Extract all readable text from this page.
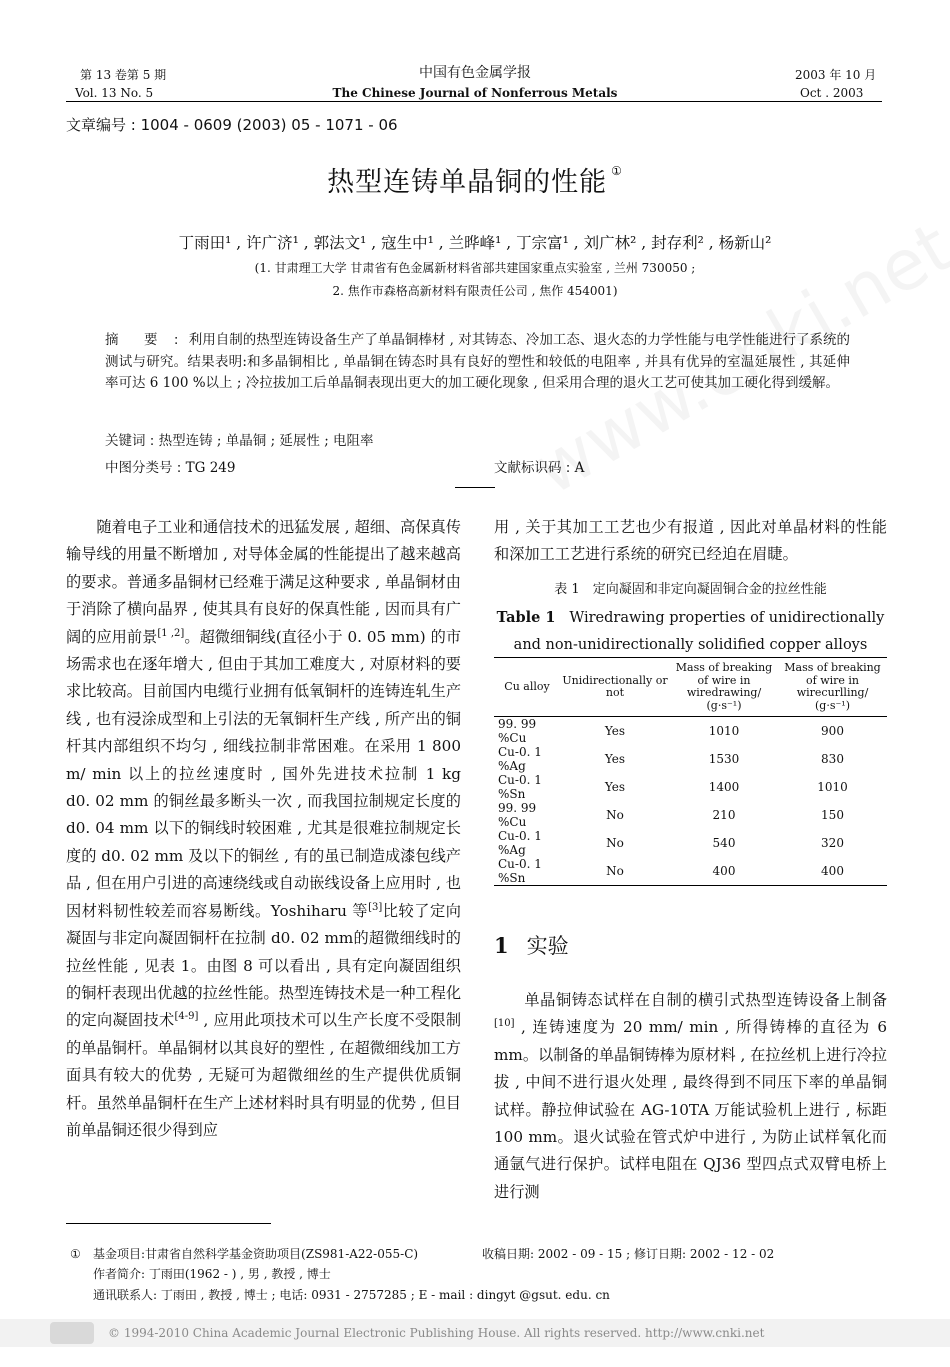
第 13 卷第 5 期
Vol. 13 No. 5
中国有色金属学报
The Chinese Journal of Nonferrous Metals
2003 年 10 月
Oct . 2003
文章编号 : 1004 - 0609 (2003) 05 - 1071 - 06
热型连铸单晶铜的性能 ①
丁雨田¹ , 许广济¹ , 郭法文¹ , 寇生中¹ , 兰晔峰¹ , 丁宗富¹ , 刘广林² , 封存利² , 杨新山²
(1. 甘肃理工大学 甘肃省有色金属新材料省部共建国家重点实验室 , 兰州 730050 ;
2. 焦作市森格高新材料有限责任公司 , 焦作 454001)
摘　要 : 利用自制的热型连铸设备生产了单晶铜棒材 , 对其铸态、冷加工态、退火态的力学性能与电学性能进行了系统的测试与研究。结果表明:和多晶铜相比 , 单晶铜在铸态时具有良好的塑性和较低的电阻率 , 并具有优异的室温延展性 , 其延伸率可达 6 100 %以上 ; 冷拉拔加工后单晶铜表现出更大的加工硬化现象 , 但采用合理的退火工艺可使其加工硬化得到缓解。
关键词 : 热型连铸 ; 单晶铜 ; 延展性 ; 电阻率
中图分类号 : TG 249	文献标识码 : A

随着电子工业和通信技术的迅猛发展 , 超细、高保真传输导线的用量不断增加 , 对导体金属的性能提出了越来越高的要求。普通多晶铜材已经难于满足这种要求 , 单晶铜材由于消除了横向晶界 , 使其具有良好的保真性能 , 因而具有广阔的应用前景[1 ,2]。超微细铜线(直径小于 0. 05 mm) 的市场需求也在逐年增大 , 但由于其加工难度大 , 对原材料的要求比较高。目前国内电缆行业拥有低氧铜杆的连铸连轧生产线 , 也有浸涂成型和上引法的无氧铜杆生产线 , 所产出的铜杆其内部组织不均匀 , 细线拉制非常困难。在采用 1 800 m/ min 以上的拉丝速度时 , 国外先进技术拉制 1 kg　 d0. 02 mm 的铜丝最多断头一次 , 而我国拉制规定长度的 d0. 04 mm 以下的铜线时较困难 , 尤其是很难拉制规定长度的 d0. 02 mm 及以下的铜丝 , 有的虽已制造成漆包线产品 , 但在用户引进的高速绕线或自动嵌线设备上应用时 , 也因材料韧性较差而容易断线。Yoshiharu 等[3]比较了定向凝固与非定向凝固铜杆在拉制 d0. 02 mm的超微细线时的拉丝性能 , 见表 1。由图 8 可以看出 , 具有定向凝固组织的铜杆表现出优越的拉丝性能。热型连铸技术是一种工程化的定向凝固技术[4-9] , 应用此项技术可以生产长度不受限制的单晶铜杆。单晶铜材以其良好的塑性 , 在超微细线加工方面具有较大的优势 , 无疑可为超微细丝的生产提供优质铜杆。虽然单晶铜杆在生产上述材料时具有明显的优势 , 但目前单晶铜还很少得到应

用 , 关于其加工工艺也少有报道 , 因此对单晶材料的性能和深加工工艺进行系统的研究已经迫在眉睫。

表 1　定向凝固和非定向凝固铜合金的拉丝性能
Table 1 Wiredrawing properties of unidirectionally and non-unidirectionally solidified copper alloys
Cu alloy	Unidirectionally or not	Mass of breaking of wire in wiredrawing/ (g·s⁻¹)	Mass of breaking of wire in wirecurlling/ (g·s⁻¹)
99. 99 %Cu	Yes	1010	900
Cu-0. 1 %Ag	Yes	1530	830
Cu-0. 1 %Sn	Yes	1400	1010
99. 99 %Cu	No	210	150
Cu-0. 1 %Ag	No	540	320
Cu-0. 1 %Sn	No	400	400
1 实验

单晶铜铸态试样在自制的横引式热型连铸设备上制备[10] , 连铸速度为 20 mm/ min , 所得铸棒的直径为 6 mm。以制备的单晶铜铸棒为原材料 , 在拉丝机上进行冷拉拔 , 中间不进行退火处理 , 最终得到不同压下率的单晶铜试样。静拉伸试验在 AG-10TA 万能试验机上进行 , 标距 100 mm。退火试验在管式炉中进行 , 为防止试样氧化而通氩气进行保护。试样电阻在 QJ36 型四点式双臂电桥上进行测

① 基金项目:甘肃省自然科学基金资助项目(ZS981-A22-055-C)	收稿日期: 2002 - 09 - 15 ; 修订日期: 2002 - 12 - 02
作者简介: 丁雨田(1962 - ) , 男 , 教授 , 博士
通讯联系人: 丁雨田 , 教授 , 博士 ; 电话: 0931 - 2757285 ; E - mail : dingyt @gsut. edu. cn
© 1994-2010 China Academic Journal Electronic Publishing House. All rights reserved. http://www.cnki.net
